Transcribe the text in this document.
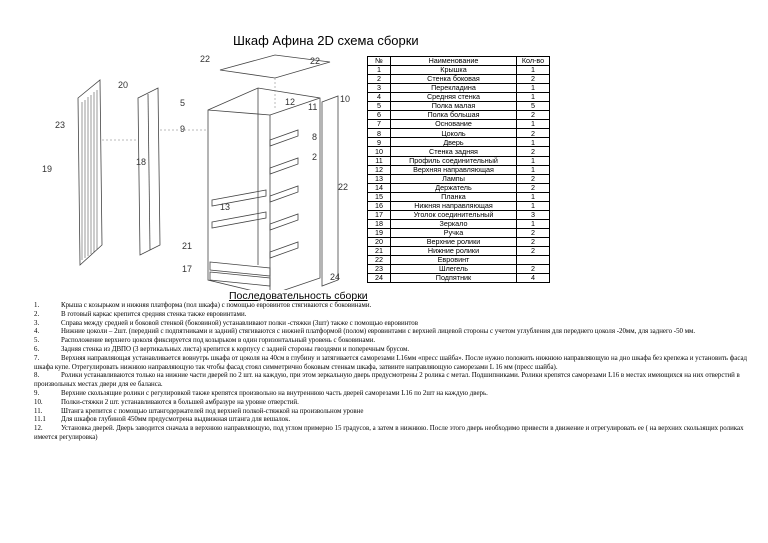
Шкаф Афина 2D схема сборки
22
20
23
19
18
9
5
13
17
21
22
24
12 11
10
8
2
22	№	Наименование	Кол-во
1	Крышка	1
2	Стенка боковая	2
3	Перекладина	1
4	Средняя стенка	1
5	Полка малая	5
6	Полка большая	2
7	Основание	1
8	Цоколь	2
9	Дверь	1
10	Стенка задняя	2
11	Профиль соединительный	1
12	Верхняя направляющая	1
13	Лампы	2
14	Держатель	2
15	Планка	1
16	Нижняя направляющая	1
17	Уголок соединительный	3
18	Зеркало	1
19	Ручка	2
20	Верхние ролики	2
21	Нижние ролики	2
22	Евровинт	
23	Шлегель	2
24	Подпятник	4
Последовательность сборки

1.	Крыша с козырьком и нижняя платформа (пол шкафа) с помощью евровинтов стягиваются с боковинами.

2.	В готовый каркас крепится средняя стенка также евровинтами.

3.	Справа между средней и боковой стенкой (боковиной) устанавливают полки -стяжки (3шт) также с помощью евровинтов

4.	Нижние цоколи – 2шт. (передний с подпятниками и задний) стягиваются с нижней платформой (полом) евровинтами с верхней лицевой стороны с учетом углубления для переднего цоколя -20мм, для заднего -50 мм.

5.	Расположение верхнего цоколя фиксируется под козырьком в один горизонтальный уровень с боковинами.

6.	Задняя стенка из ДВПО (3 вертикальных листа) крепится к корпусу с задней стороны гвоздями и поперечным брусом.

7.	Верхняя направляющая устанавливается вовнутрь шкафа от цоколя на 40см в глубину и затягивается саморезами L16мм «пресс шайба». После нужно положить нижнюю направляющую на дно шкафа без крепежа и установить фасад шкафа купе. Отрегулировать нижнюю направляющую так чтобы фасад стоял симметрично боковым стенкам шкафа, затвинте направляющую саморезами L 16 мм (пресс шайба).

8.	Ролики устанавливаются только на нижние части дверей по 2 шт. на каждую, при этом зеркальную дверь предусмотрены 2 ролика с метал. Подшипниками. Ролики крепятся саморезами L16 в местах имеющихся на них отверстий в произвольных местах двери для ее баланса.

9.	Верхние скользящие ролики с регулировкой также крепятся произвольно на внутреннюю часть дверей саморезами L16 по 2шт на каждую дверь.

10.	Полки-стяжки 2 шт. устанавливаются в большей амбразуре на уровне отверстий.

11.	Штанга крепится с помощью штангодержателей под верхней полкой-стяжкой на произвольном уровне

11.1 Для шкафов глубиной 450мм предусмотрена выдвижная штанга для вешалок.

12.	Установка дверей. Дверь заводится сначала в верхнюю направляющую, под углом примерно 15 градусов, а затем в нижнюю. После этого дверь необходимо привести в движение и отрегулировать ее ( на верхних скользящих роликах имеется регулировка)
